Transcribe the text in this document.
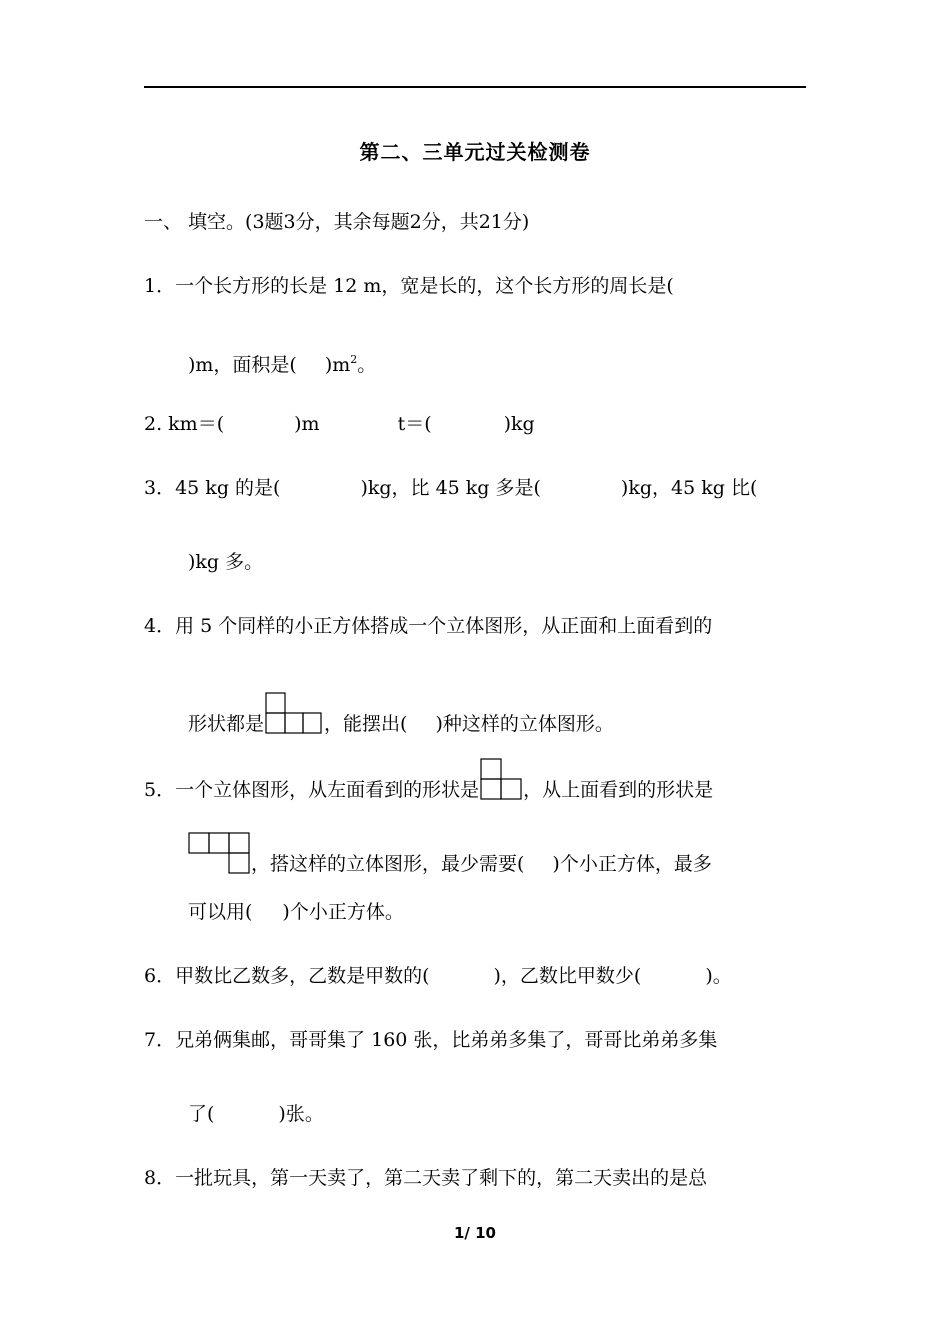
第二、三单元过关检测卷
一、 填空。(3题3分，其余每题2分，共21分)
1．一个长方形的长是 12 m，宽是长的，这个长方形的周长是(
)m，面积是( )$m^2$。
2. km＝(	)m	t＝(	)kg
3．45 kg 的是(	)kg，比 45 kg 多是(	)kg，45 kg 比(
)kg 多。
4．用 5 个同样的小正方体搭成一个立体图形，从正面和上面看到的
形状都是	，能摆出( )种这样的立体图形。
5．一个立体图形，从左面看到的形状是 ，从上面看到的形状是
，搭这样的立体图形，最少需要( )个小正方体，最多
可以用( )个小正方体。
6．甲数比乙数多，乙数是甲数的(	)，乙数比甲数少(	)。
7．兄弟俩集邮，哥哥集了 160 张，比弟弟多集了，哥哥比弟弟多集
了(	)张。
8．一批玩具，第一天卖了，第二天卖了剩下的，第二天卖出的是总
1/ 10
